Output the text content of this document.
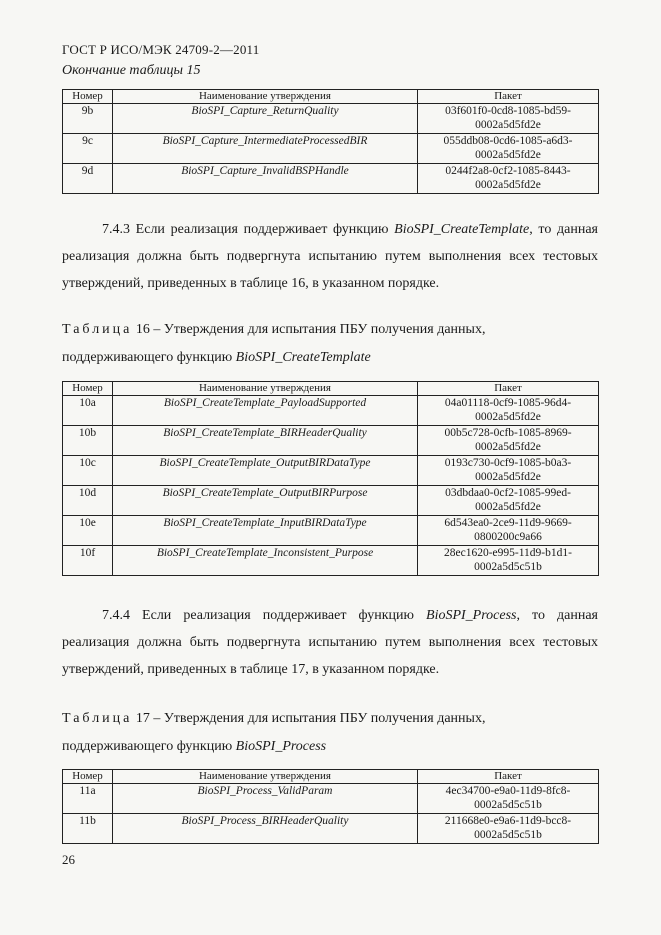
ГОСТ Р ИСО/МЭК 24709-2—2011
Окончание таблицы 15
Номер	Наименование утверждения	Пакет
9b	BioSPI_Capture_ReturnQuality	03f601f0-0cd8-1085-bd59-
0002a5d5fd2e
9c	BioSPI_Capture_IntermediateProcessedBIR	055ddb08-0cd6-1085-a6d3-
0002a5d5fd2e
9d	BioSPI_Capture_InvalidBSPHandle	0244f2a8-0cf2-1085-8443-
0002a5d5fd2e
7.4.3 Если реализация поддерживает функцию BioSPI_CreateTemplate, то данная реализация должна быть подвергнута испытанию путем выполнения всех тестовых утверждений, приведенных в таблице 16, в указанном порядке.
Таблица 16 – Утверждения для испытания ПБУ получения данных,
поддерживающего функцию BioSPI_CreateTemplate
Номер	Наименование утверждения	Пакет
10a	BioSPI_CreateTemplate_PayloadSupported	04a01118-0cf9-1085-96d4-
0002a5d5fd2e
10b	BioSPI_CreateTemplate_BIRHeaderQuality	00b5c728-0cfb-1085-8969-
0002a5d5fd2e
10c	BioSPI_CreateTemplate_OutputBIRDataType	0193c730-0cf9-1085-b0a3-
0002a5d5fd2e
10d	BioSPI_CreateTemplate_OutputBIRPurpose	03dbdaa0-0cf2-1085-99ed-
0002a5d5fd2e
10e	BioSPI_CreateTemplate_InputBIRDataType	6d543ea0-2ce9-11d9-9669-
0800200c9a66
10f	BioSPI_CreateTemplate_Inconsistent_Purpose	28ec1620-e995-11d9-b1d1-
0002a5d5c51b
7.4.4 Если реализация поддерживает функцию BioSPI_Process, то данная реализация должна быть подвергнута испытанию путем выполнения всех тестовых утверждений, приведенных в таблице 17, в указанном порядке.
Таблица 17 – Утверждения для испытания ПБУ получения данных,
поддерживающего функцию BioSPI_Process
Номер	Наименование утверждения	Пакет
11a	BioSPI_Process_ValidParam	4ec34700-e9a0-11d9-8fc8-
0002a5d5c51b
11b	BioSPI_Process_BIRHeaderQuality	211668e0-e9a6-11d9-bcc8-
0002a5d5c51b
26
